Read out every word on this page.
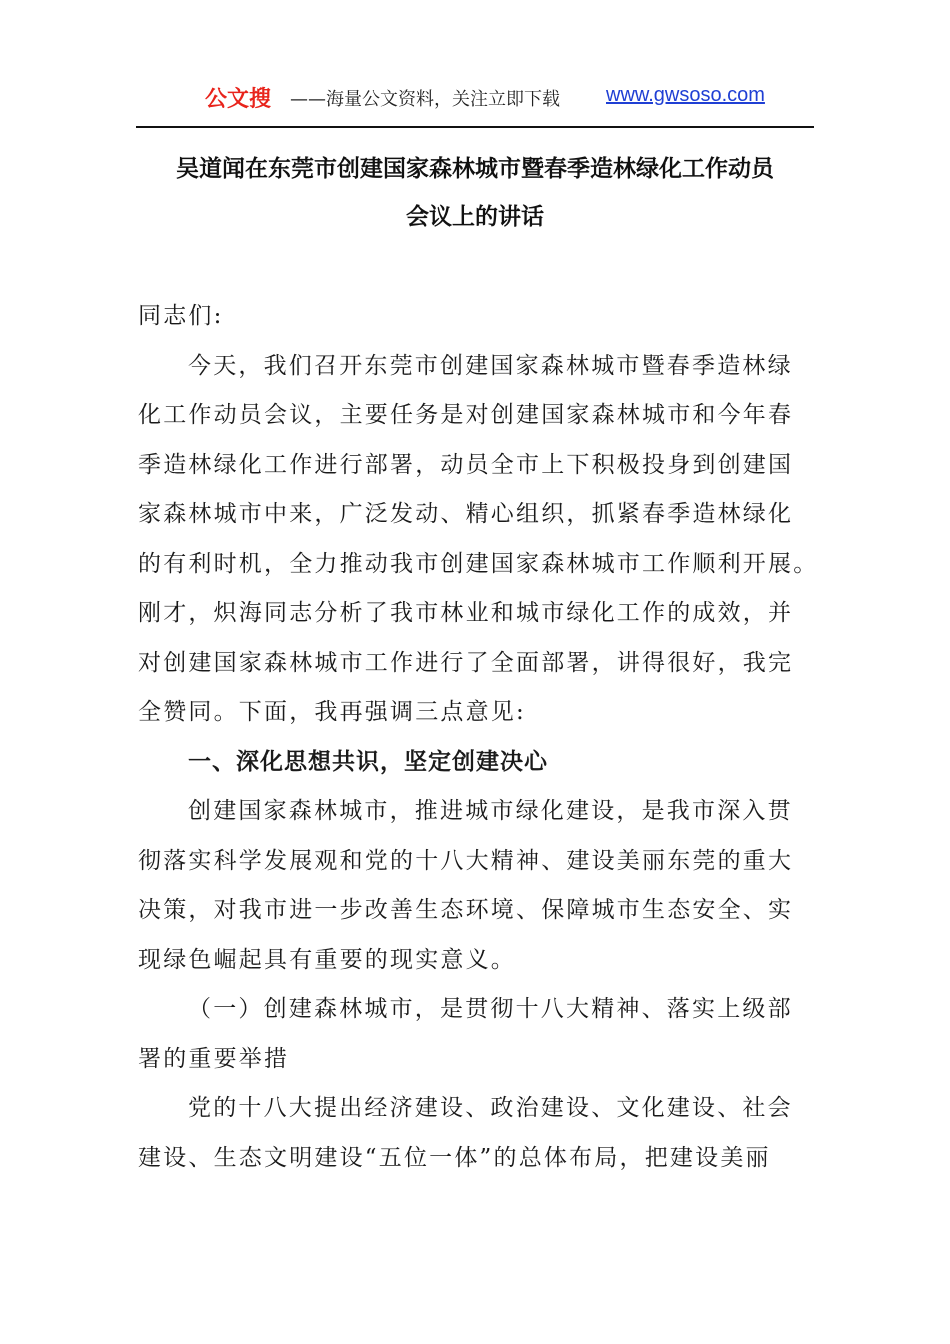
公文搜 ——海量公文资料，关注立即下载 www.gwsoso.com
吴道闻在东莞市创建国家森林城市暨春季造林绿化工作动员
会议上的讲话
同志们:
今天，我们召开东莞市创建国家森林城市暨春季造林绿
化工作动员会议，主要任务是对创建国家森林城市和今年春
季造林绿化工作进行部署，动员全市上下积极投身到创建国
家森林城市中来，广泛发动、精心组织，抓紧春季造林绿化
的有利时机，全力推动我市创建国家森林城市工作顺利开展。
刚才，炽海同志分析了我市林业和城市绿化工作的成效，并
对创建国家森林城市工作进行了全面部署，讲得很好，我完
全赞同。下面，我再强调三点意见:
一、深化思想共识，坚定创建决心
创建国家森林城市，推进城市绿化建设，是我市深入贯
彻落实科学发展观和党的十八大精神、建设美丽东莞的重大
决策，对我市进一步改善生态环境、保障城市生态安全、实
现绿色崛起具有重要的现实意义。
（一）创建森林城市，是贯彻十八大精神、落实上级部
署的重要举措
党的十八大提出经济建设、政治建设、文化建设、社会
建设、生态文明建设“五位一体”的总体布局，把建设美丽
